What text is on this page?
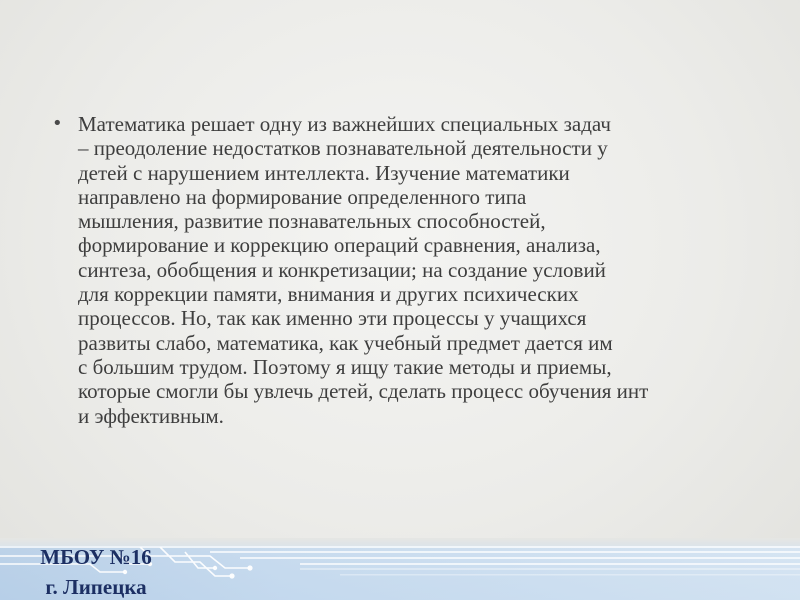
• Математика решает одну из важнейших специальных задач
– преодоление недостатков познавательной деятельности у
детей с нарушением интеллекта. Изучение математики
направлено на формирование определенного типа
мышления, развитие познавательных способностей,
формирование и коррекцию операций сравнения, анализа,
синтеза, обобщения и конкретизации; на создание условий
для коррекции памяти, внимания и других психических
процессов. Но, так как именно эти процессы у учащихся
развиты слабо, математика, как учебный предмет дается им
с большим трудом. Поэтому я ищу такие методы и приемы,
которые смогли бы увлечь детей, сделать процесс обучения инт
и эффективным.
МБОУ №16
г. Липецка
